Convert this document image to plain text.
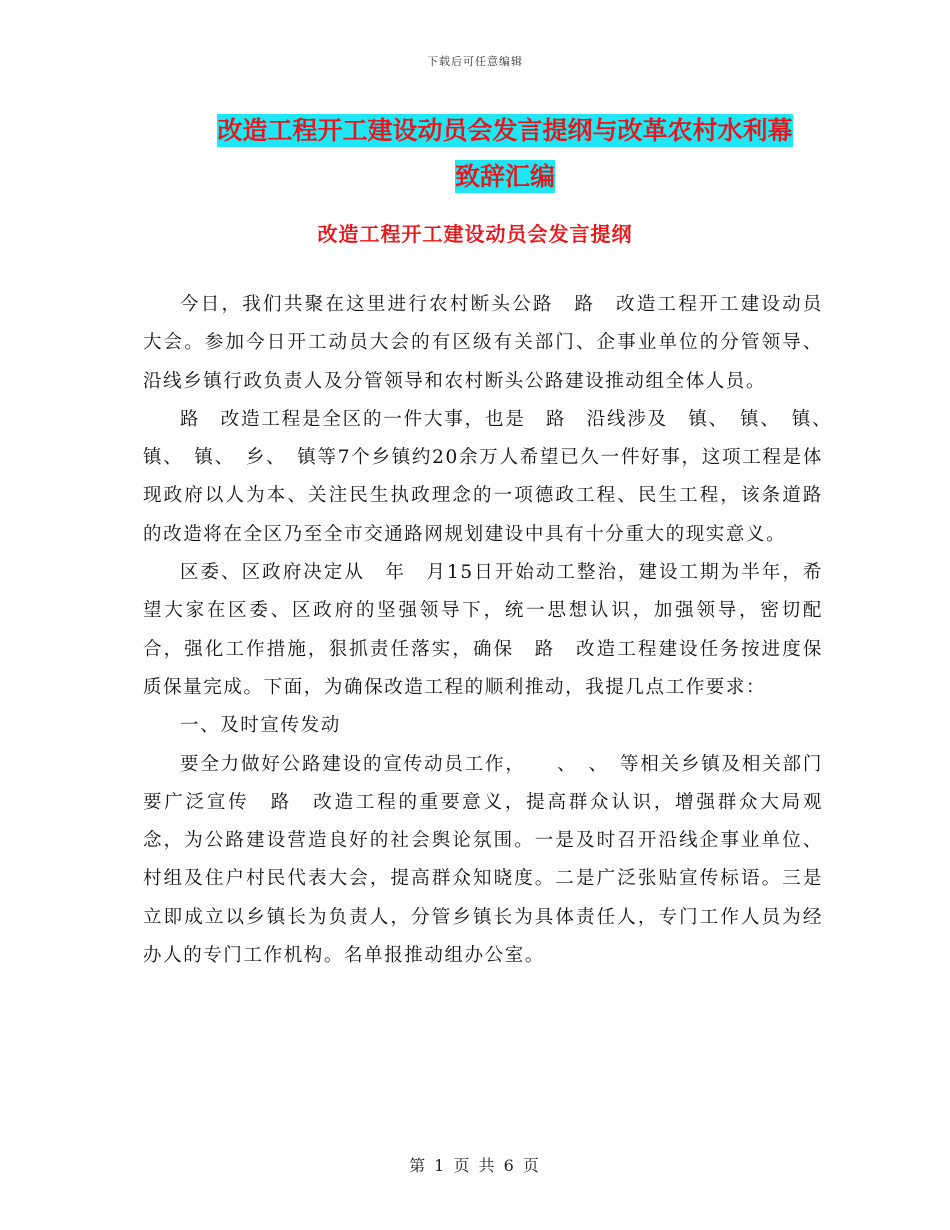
下载后可任意编辑
改造工程开工建设动员会发言提纲与改革农村水利幕
致辞汇编
改造工程开工建设动员会发言提纲

今日，我们共聚在这里进行农村断头公路　路　改造工程开工建设动员大会。参加今日开工动员大会的有区级有关部门、企事业单位的分管领导、沿线乡镇行政负责人及分管领导和农村断头公路建设推动组全体人员。

路　改造工程是全区的一件大事，也是　路　沿线涉及　镇、　镇、　镇、　镇、　镇、　乡、　镇等7个乡镇约20余万人希望已久一件好事，这项工程是体现政府以人为本、关注民生执政理念的一项德政工程、民生工程，该条道路的改造将在全区乃至全市交通路网规划建设中具有十分重大的现实意义。

区委、区政府决定从　年　月15日开始动工整治，建设工期为半年，希望大家在区委、区政府的坚强领导下，统一思想认识，加强领导，密切配合，强化工作措施，狠抓责任落实，确保　路　改造工程建设任务按进度保质保量完成。下面，为确保改造工程的顺利推动，我提几点工作要求：

一、及时宣传发动

要全力做好公路建设的宣传动员工作，　　、　、　等相关乡镇及相关部门要广泛宣传　路　改造工程的重要意义，提高群众认识，增强群众大局观念，为公路建设营造良好的社会舆论氛围。一是及时召开沿线企事业单位、村组及住户村民代表大会，提高群众知晓度。二是广泛张贴宣传标语。三是立即成立以乡镇长为负责人，分管乡镇长为具体责任人，专门工作人员为经办人的专门工作机构。名单报推动组办公室。

第 1 页 共 6 页
